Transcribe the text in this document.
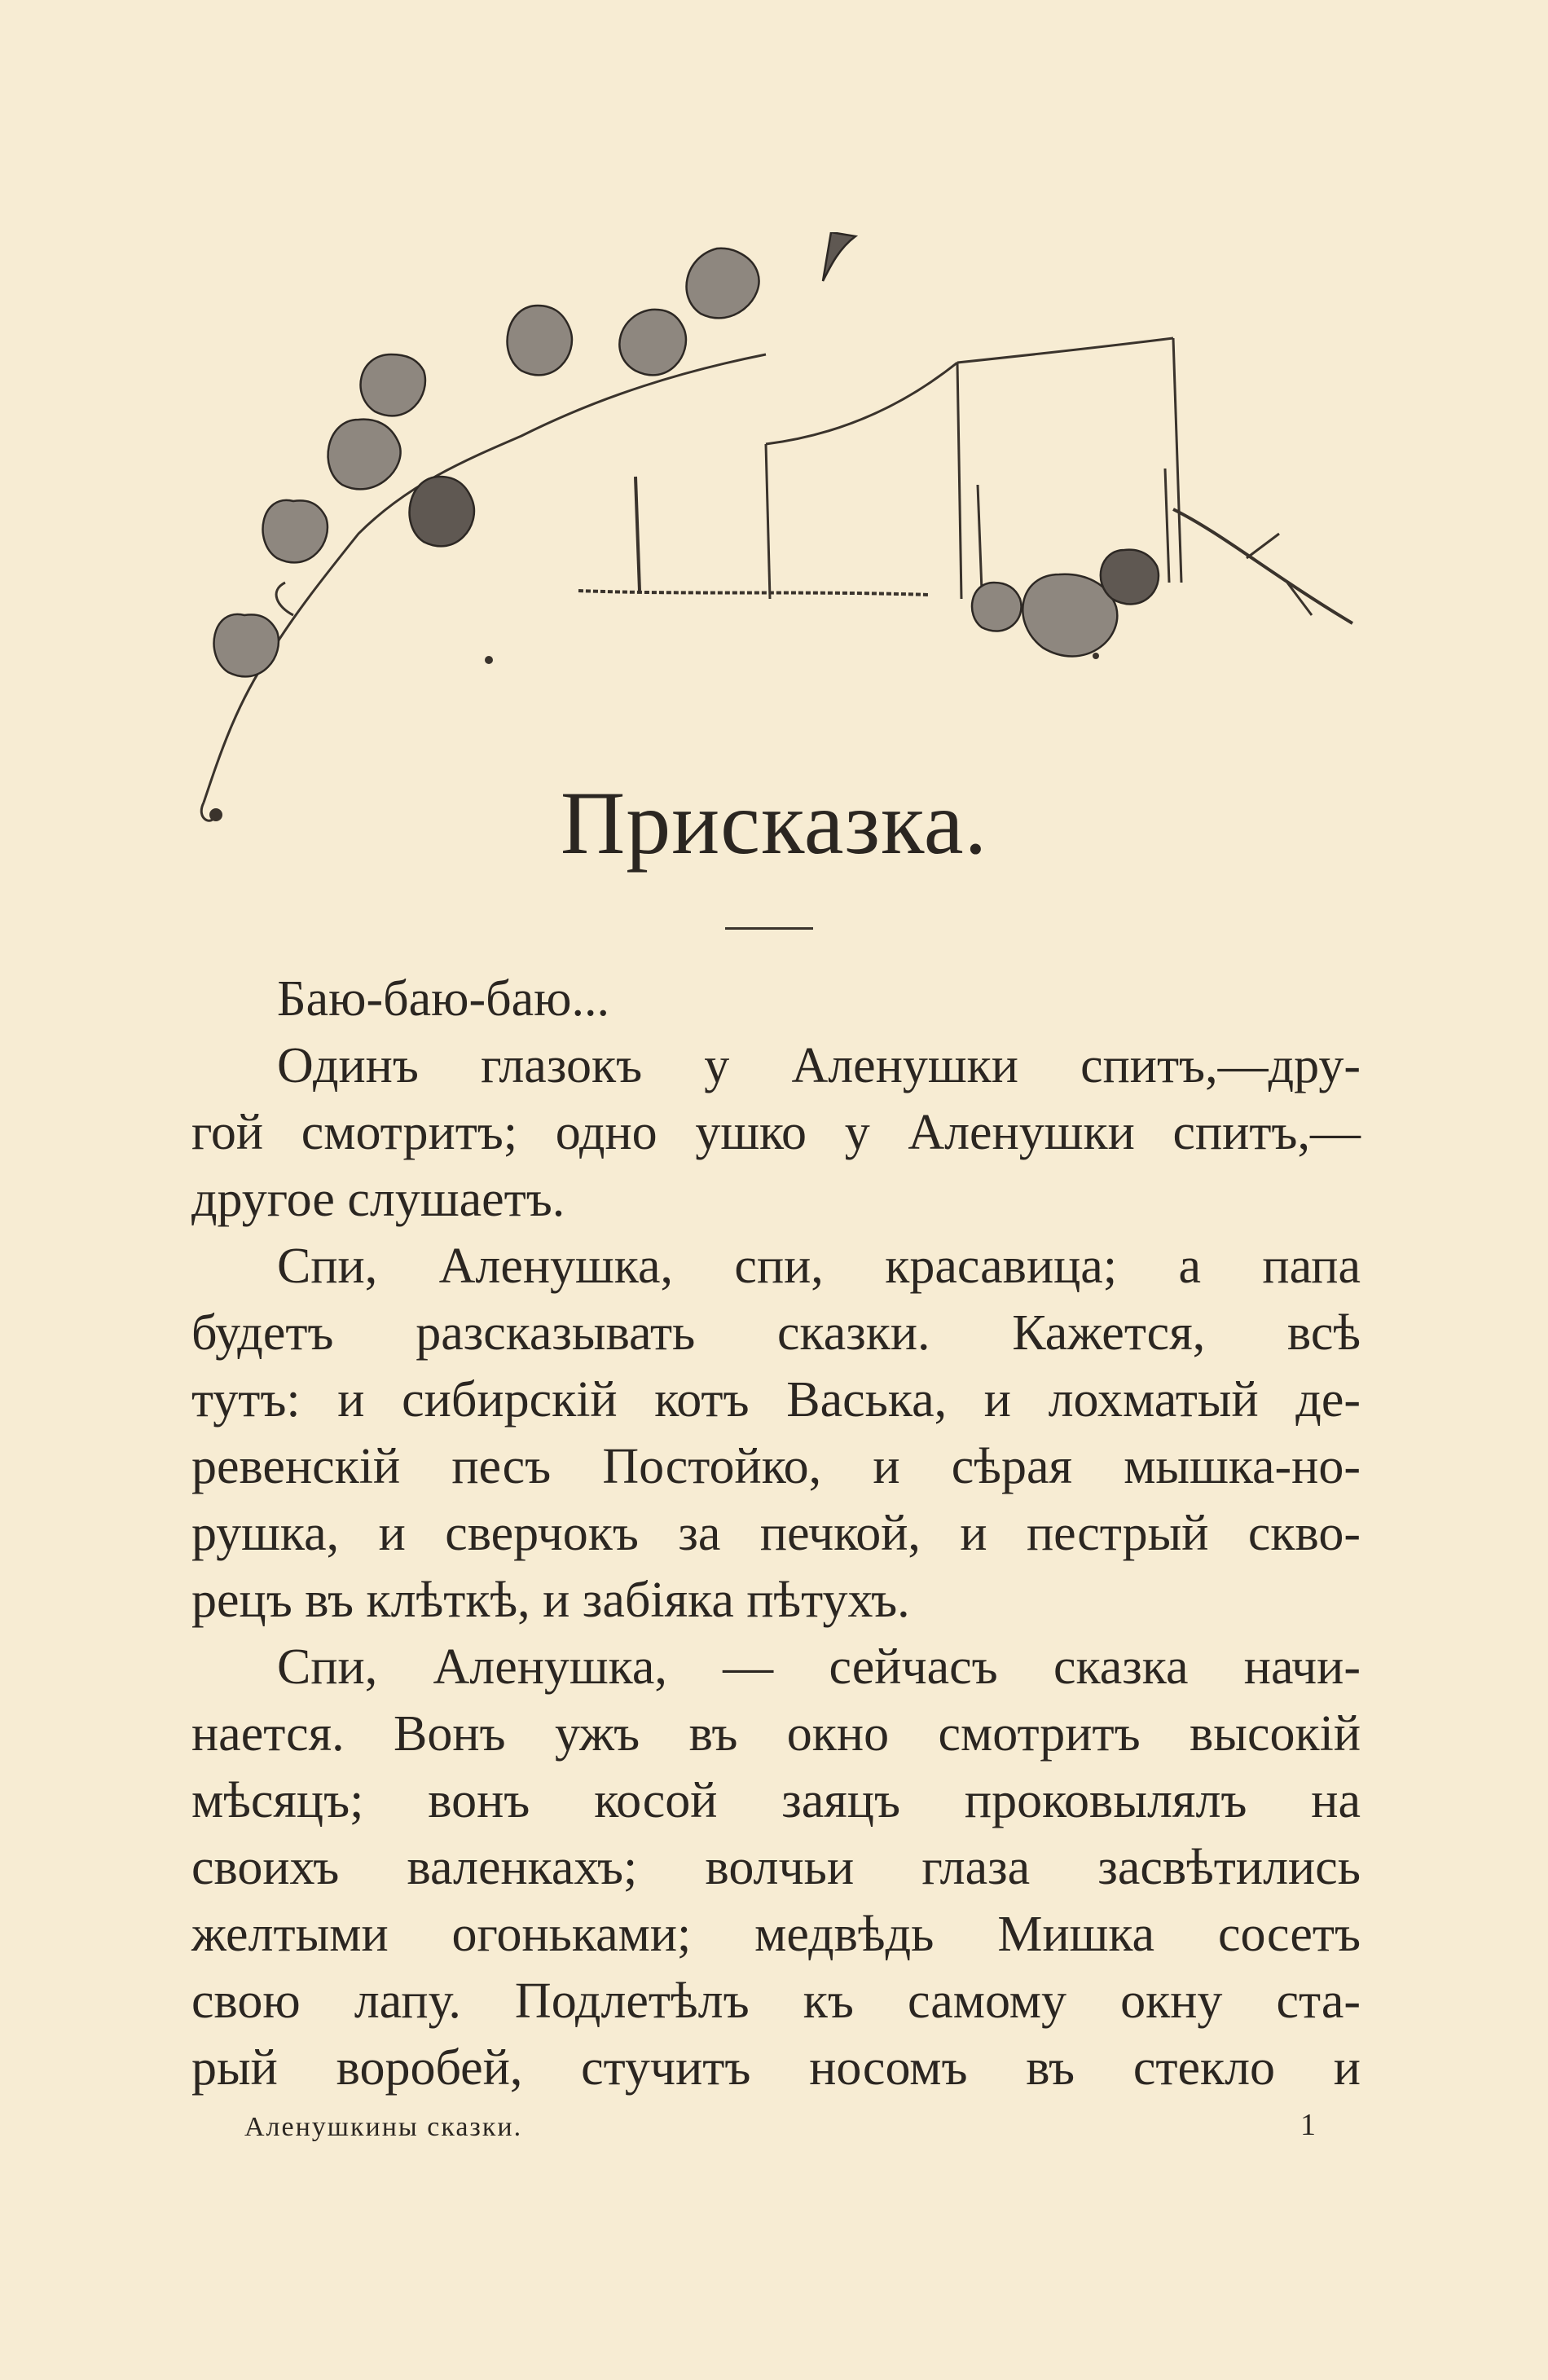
Присказка.
Баю-баю-баю...
Одинъ глазокъ у Аленушки спитъ,—дру-
гой смотритъ; одно ушко у Аленушки спитъ,—
другое слушаетъ.
Спи, Аленушка, спи, красавица; а папа
будетъ разсказывать сказки. Кажется, всѣ
тутъ: и сибирскій котъ Васька, и лохматый де-
ревенскій песъ Постойко, и сѣрая мышка-но-
рушка, и сверчокъ за печкой, и пестрый скво-
рецъ въ клѣткѣ, и забіяка пѣтухъ.
Спи, Аленушка, — сейчасъ сказка начи-
нается. Вонъ ужъ въ окно смотритъ высокій
мѣсяцъ; вонъ косой заяцъ проковылялъ на
своихъ валенкахъ; волчьи глаза засвѣтились
желтыми огоньками; медвѣдь Мишка сосетъ
свою лапу. Подлетѣлъ къ самому окну ста-
рый воробей, стучитъ носомъ въ стекло и
Аленушкины сказки.	1
